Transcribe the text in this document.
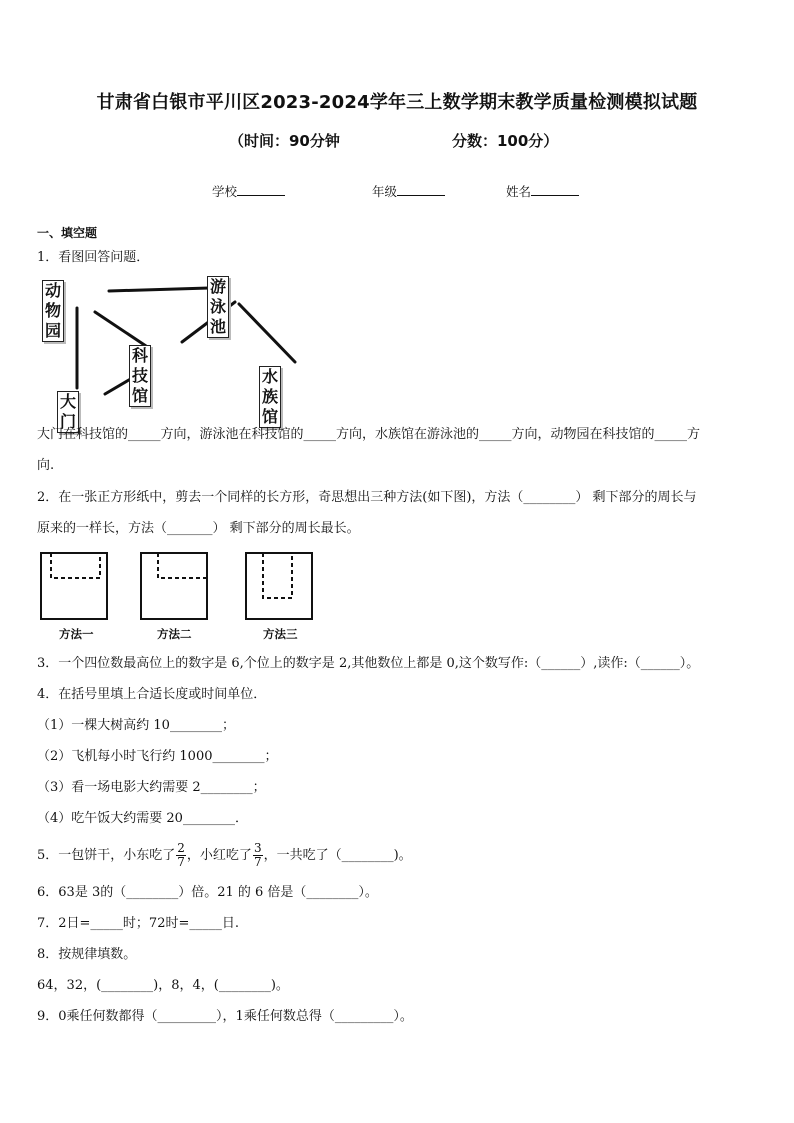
甘肃省白银市平川区2023-2024学年三上数学期末教学质量检测模拟试题
（时间：90分钟	分数：100分）
学校	年级	姓名
一、填空题
1．看图回答问题．
动物园
游泳池
科技馆
水族馆
大门
大门在科技馆的_____方向，游泳池在科技馆的_____方向，水族馆在游泳池的_____方向，动物园在科技馆的_____方
向.
2．在一张正方形纸中，剪去一个同样的长方形，奇思想出三种方法(如下图)，方法（________） 剩下部分的周长与
原来的一样长，方法（_______） 剩下部分的周长最长。
方法一	方法二	方法三
3．一个四位数最高位上的数字是 6,个位上的数字是 2,其他数位上都是 0,这个数写作:（______）,读作:（______）。
4．在括号里填上合适长度或时间单位．
（1）一棵大树高约 10________；
（2）飞机每小时飞行约 1000________；
（3）看一场电影大约需要 2________；
（4）吃午饭大约需要 20________．
5．一包饼干，小东吃了 $\frac{2}{7}$ ，小红吃了 $\frac{3}{7}$ ，一共吃了（________)。
6．63是 3的（________）倍。21 的 6 倍是（________）。
7．2日=_____时；72时=_____日.
8．按规律填数。
64，32，(________)，8，4，(________)。
9．0乘任何数都得（_________），1乘任何数总得（_________）。
